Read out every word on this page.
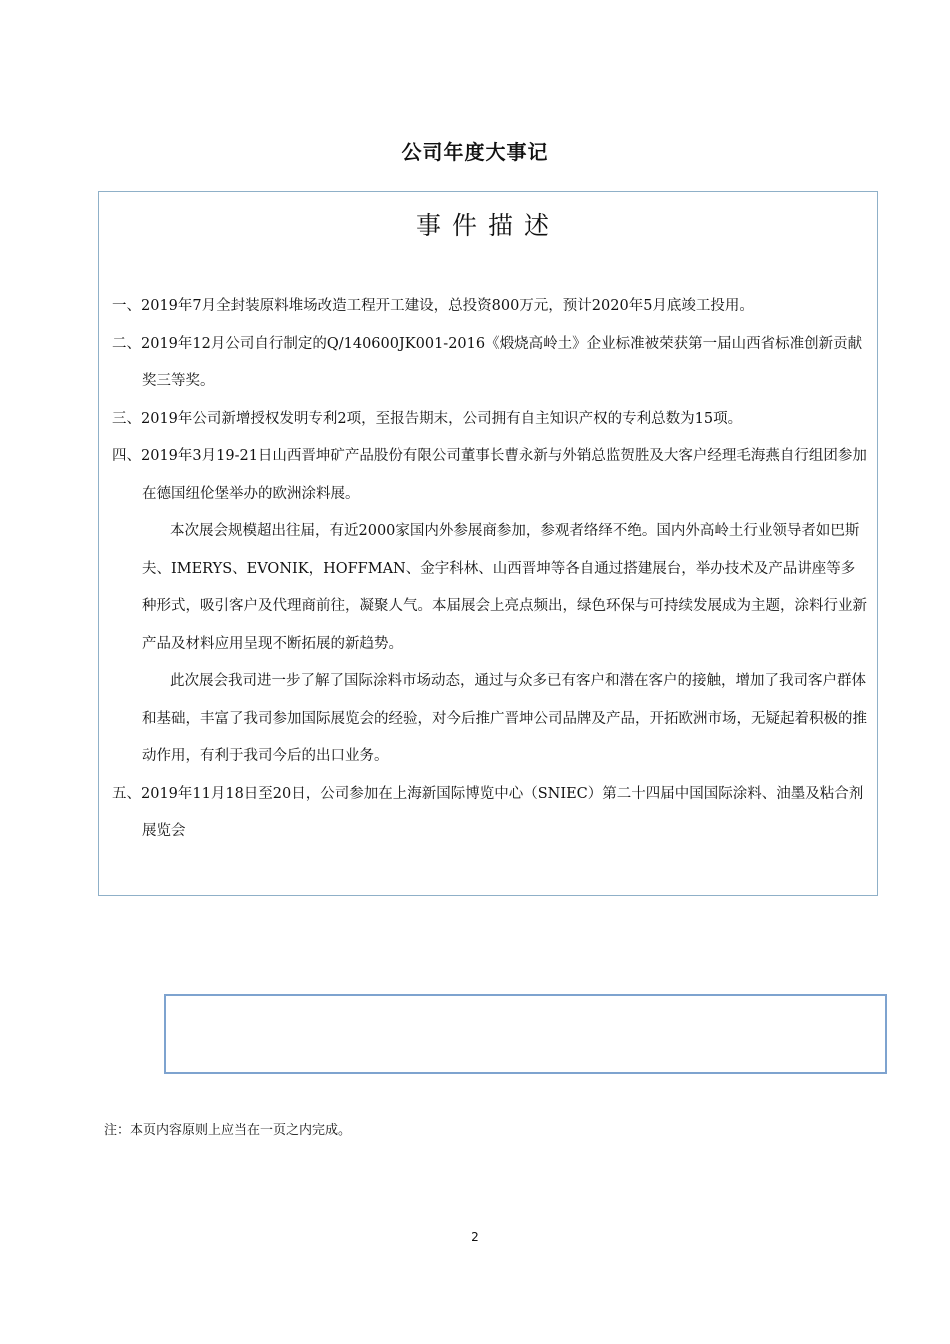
公司年度大事记
事件描述

一、2019年7月全封装原料堆场改造工程开工建设，总投资800万元，预计2020年5月底竣工投用。

二、2019年12月公司自行制定的Q/140600JK001-2016《煅烧高岭土》企业标准被荣获第一届山西省标准创新贡献奖三等奖。

三、2019年公司新增授权发明专利2项，至报告期末，公司拥有自主知识产权的专利总数为15项。

四、2019年3月19-21日山西晋坤矿产品股份有限公司董事长曹永新与外销总监贺胜及大客户经理毛海燕自行组团参加在德国纽伦堡举办的欧洲涂料展。

本次展会规模超出往届，有近2000家国内外参展商参加，参观者络绎不绝。国内外高岭土行业领导者如巴斯夫、IMERYS、EVONIK，HOFFMAN、金宇科林、山西晋坤等各自通过搭建展台，举办技术及产品讲座等多种形式，吸引客户及代理商前往，凝聚人气。本届展会上亮点频出，绿色环保与可持续发展成为主题，涂料行业新产品及材料应用呈现不断拓展的新趋势。

此次展会我司进一步了解了国际涂料市场动态，通过与众多已有客户和潜在客户的接触，增加了我司客户群体和基础，丰富了我司参加国际展览会的经验，对今后推广晋坤公司品牌及产品，开拓欧洲市场，无疑起着积极的推动作用，有利于我司今后的出口业务。

五、2019年11月18日至20日，公司参加在上海新国际博览中心（SNIEC）第二十四届中国国际涂料、油墨及粘合剂展览会

注：本页内容原则上应当在一页之内完成。
2
